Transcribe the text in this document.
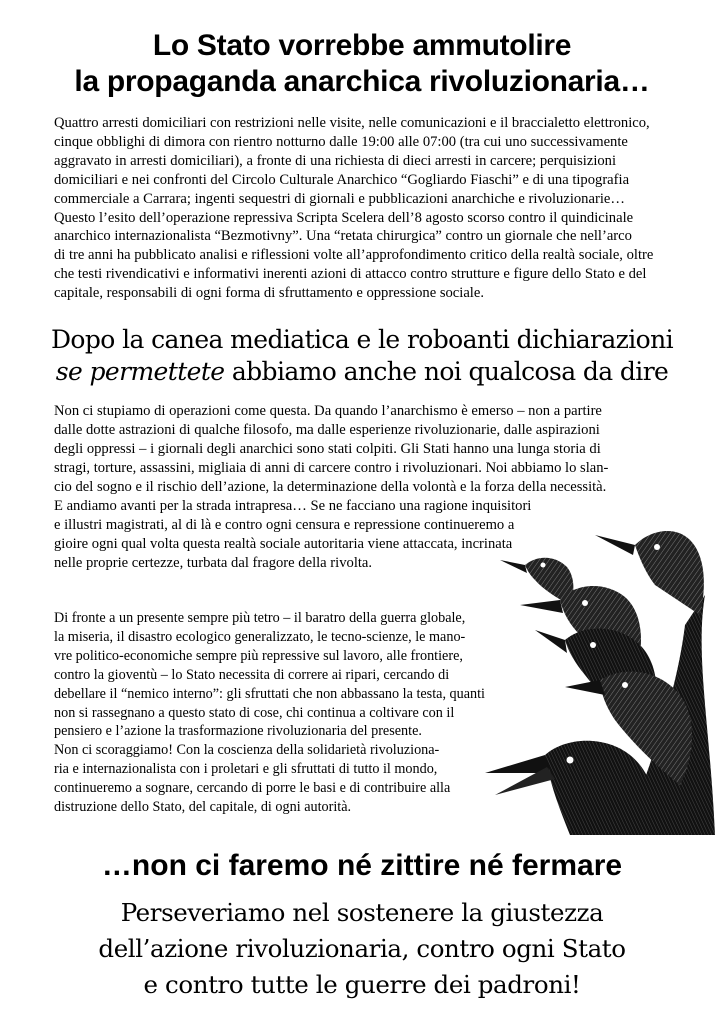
Lo Stato vorrebbe ammutolire
la propaganda anarchica rivoluzionaria…
Quattro arresti domiciliari con restrizioni nelle visite, nelle comunicazioni e il braccialetto elettronico,
cinque obblighi di dimora con rientro notturno dalle 19:00 alle 07:00 (tra cui uno successivamente
aggravato in arresti domiciliari), a fronte di una richiesta di dieci arresti in carcere; perquisizioni
domiciliari e nei confronti del Circolo Culturale Anarchico “Gogliardo Fiaschi” e di una tipografia
commerciale a Carrara; ingenti sequestri di giornali e pubblicazioni anarchiche e rivoluzionarie…
Questo l’esito dell’operazione repressiva Scripta Scelera dell’8 agosto scorso contro il quindicinale
anarchico internazionalista “Bezmotivny”. Una “retata chirurgica” contro un giornale che nell’arco
di tre anni ha pubblicato analisi e riflessioni volte all’approfondimento critico della realtà sociale, oltre
che testi rivendicativi e informativi inerenti azioni di attacco contro strutture e figure dello Stato e del
capitale, responsabili di ogni forma di sfruttamento e oppressione sociale.
Dopo la canea mediatica e le roboanti dichiarazioni
se permettete abbiamo anche noi qualcosa da dire
Non ci stupiamo di operazioni come questa. Da quando l’anarchismo è emerso – non a partire
dalle dotte astrazioni di qualche filosofo, ma dalle esperienze rivoluzionarie, dalle aspirazioni
degli oppressi – i giornali degli anarchici sono stati colpiti. Gli Stati hanno una lunga storia di
stragi, torture, assassini, migliaia di anni di carcere contro i rivoluzionari. Noi abbiamo lo slan-
cio del sogno e il rischio dell’azione, la determinazione della volontà e la forza della necessità.
E andiamo avanti per la strada intrapresa… Se ne facciano una ragione inquisitori
e illustri magistrati, al di là e contro ogni censura e repressione continueremo a
gioire ogni qual volta questa realtà sociale autoritaria viene attaccata, incrinata
nelle proprie certezze, turbata dal fragore della rivolta.
Di fronte a un presente sempre più tetro – il baratro della guerra globale,
la miseria, il disastro ecologico generalizzato, le tecno-scienze, le mano-
vre politico-economiche sempre più repressive sul lavoro, alle frontiere,
contro la gioventù – lo Stato necessita di correre ai ripari, cercando di
debellare il “nemico interno”: gli sfruttati che non abbassano la testa, quanti
non si rassegnano a questo stato di cose, chi continua a coltivare con il
pensiero e l’azione la trasformazione rivoluzionaria del presente.
Non ci scoraggiamo! Con la coscienza della solidarietà rivoluziona-
ria e internazionalista con i proletari e gli sfruttati di tutto il mondo,
continueremo a sognare, cercando di porre le basi e di contribuire alla
distruzione dello Stato, del capitale, di ogni autorità.
…non ci faremo né zittire né fermare
Perseveriamo nel sostenere la giustezza
dell’azione rivoluzionaria, contro ogni Stato
e contro tutte le guerre dei padroni!
